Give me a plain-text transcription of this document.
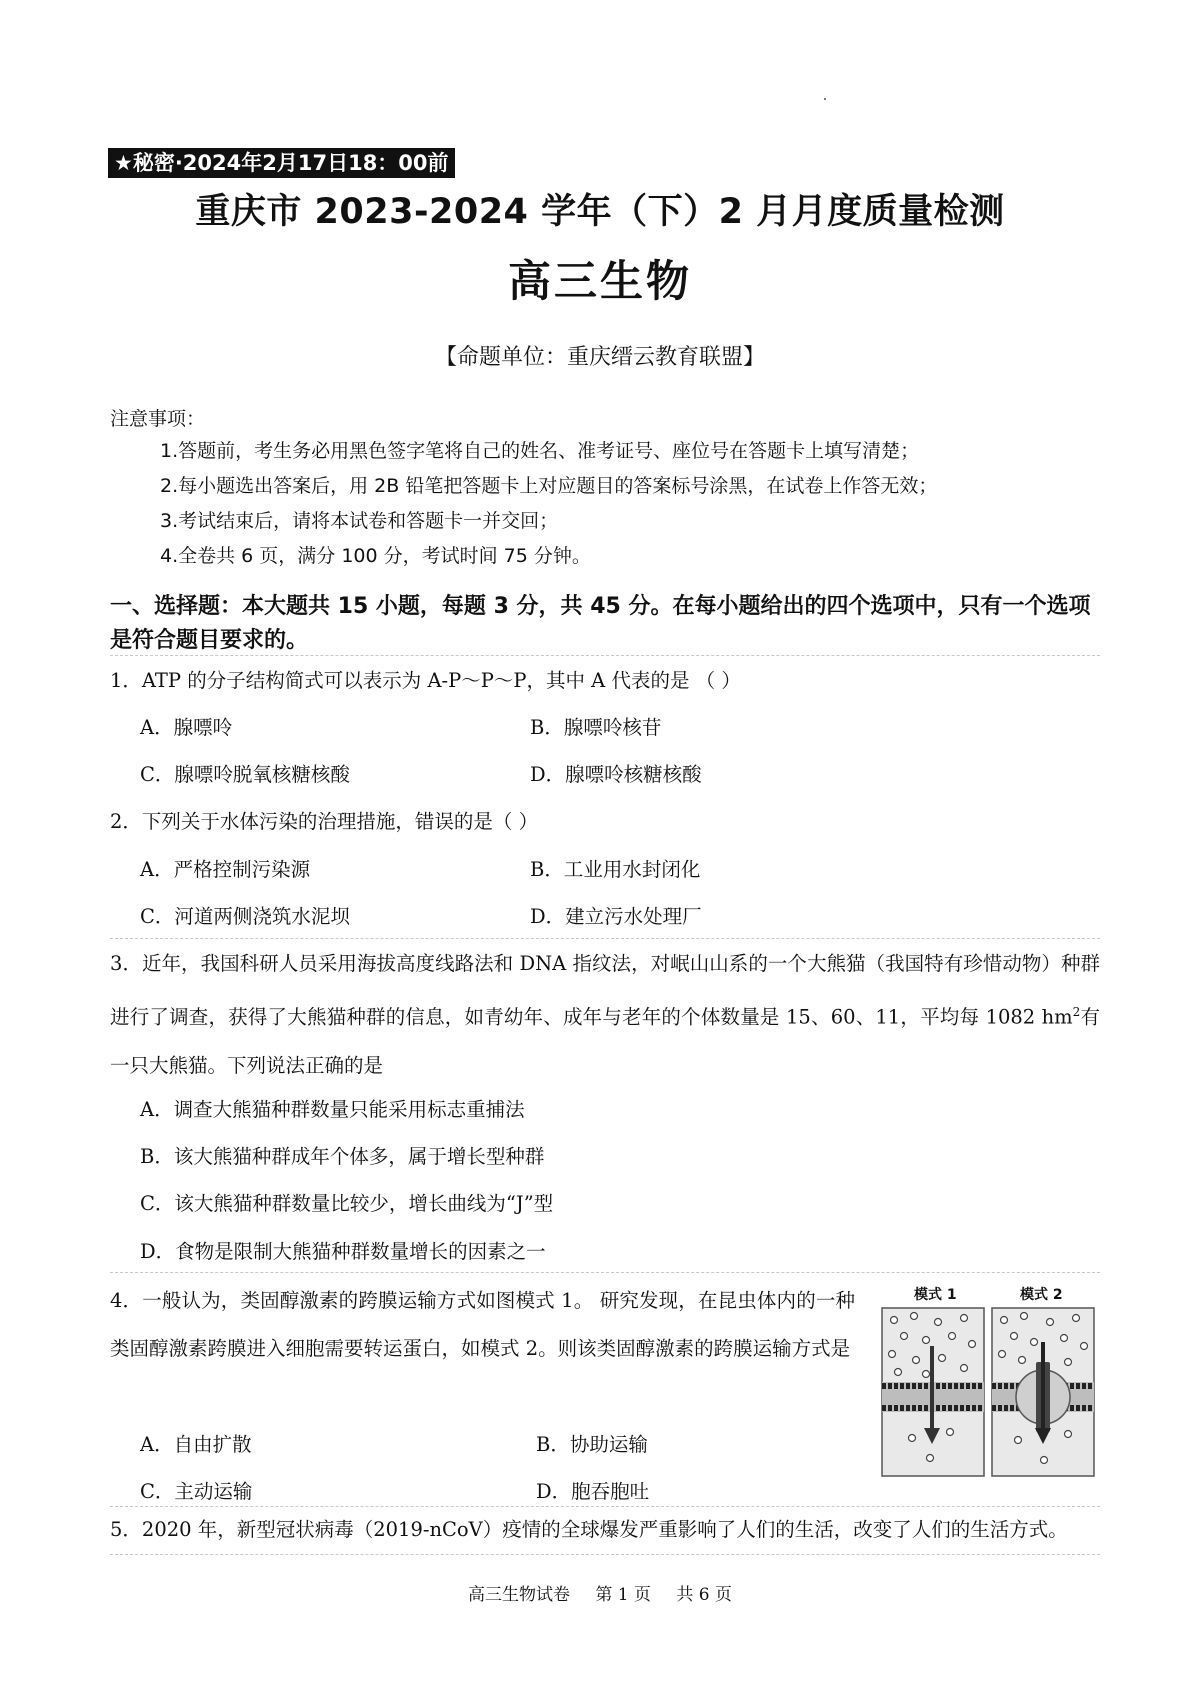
★秘密·2024年2月17日18：00前
重庆市 2023-2024 学年（下）2 月月度质量检测
高三生物
【命题单位：重庆缙云教育联盟】
注意事项：
1.答题前，考生务必用黑色签字笔将自己的姓名、准考证号、座位号在答题卡上填写清楚；
2.每小题选出答案后，用 2B 铅笔把答题卡上对应题目的答案标号涂黑，在试卷上作答无效；
3.考试结束后，请将本试卷和答题卡一并交回；
4.全卷共 6 页，满分 100 分，考试时间 75 分钟。
一、选择题：本大题共 15 小题，每题 3 分，共 45 分。在每小题给出的四个选项中，只有一个选项是符合题目要求的。
1．ATP 的分子结构简式可以表示为 A-P～P～P，其中 A 代表的是 （ ）
A．腺嘌呤	B．腺嘌呤核苷
C．腺嘌呤脱氧核糖核酸	D．腺嘌呤核糖核酸
2．下列关于水体污染的治理措施，错误的是（ ）
A．严格控制污染源	B．工业用水封闭化
C．河道两侧浇筑水泥坝	D．建立污水处理厂
3．近年，我国科研人员采用海拔高度线路法和 DNA 指纹法，对岷山山系的一个大熊猫（我国特有珍惜动物）种群进行了调查，获得了大熊猫种群的信息，如青幼年、成年与老年的个体数量是 15、60、11，平均每 1082 $hm^2$有一只大熊猫。下列说法正确的是
A．调查大熊猫种群数量只能采用标志重捕法
B．该大熊猫种群成年个体多，属于增长型种群
C．该大熊猫种群数量比较少，增长曲线为“J”型
D．食物是限制大熊猫种群数量增长的因素之一
4．一般认为，类固醇激素的跨膜运输方式如图模式 1。 研究发现，在昆虫体内的一种类固醇激素跨膜进入细胞需要转运蛋白，如模式 2。则该类固醇激素的跨膜运输方式是
A．自由扩散	B．协助运输
C．主动运输	D．胞吞胞吐
模式 1	模式 2
5．2020 年，新型冠状病毒（2019-nCoV）疫情的全球爆发严重影响了人们的生活，改变了人们的生活方式。
高三生物试卷 第 1 页 共 6 页
